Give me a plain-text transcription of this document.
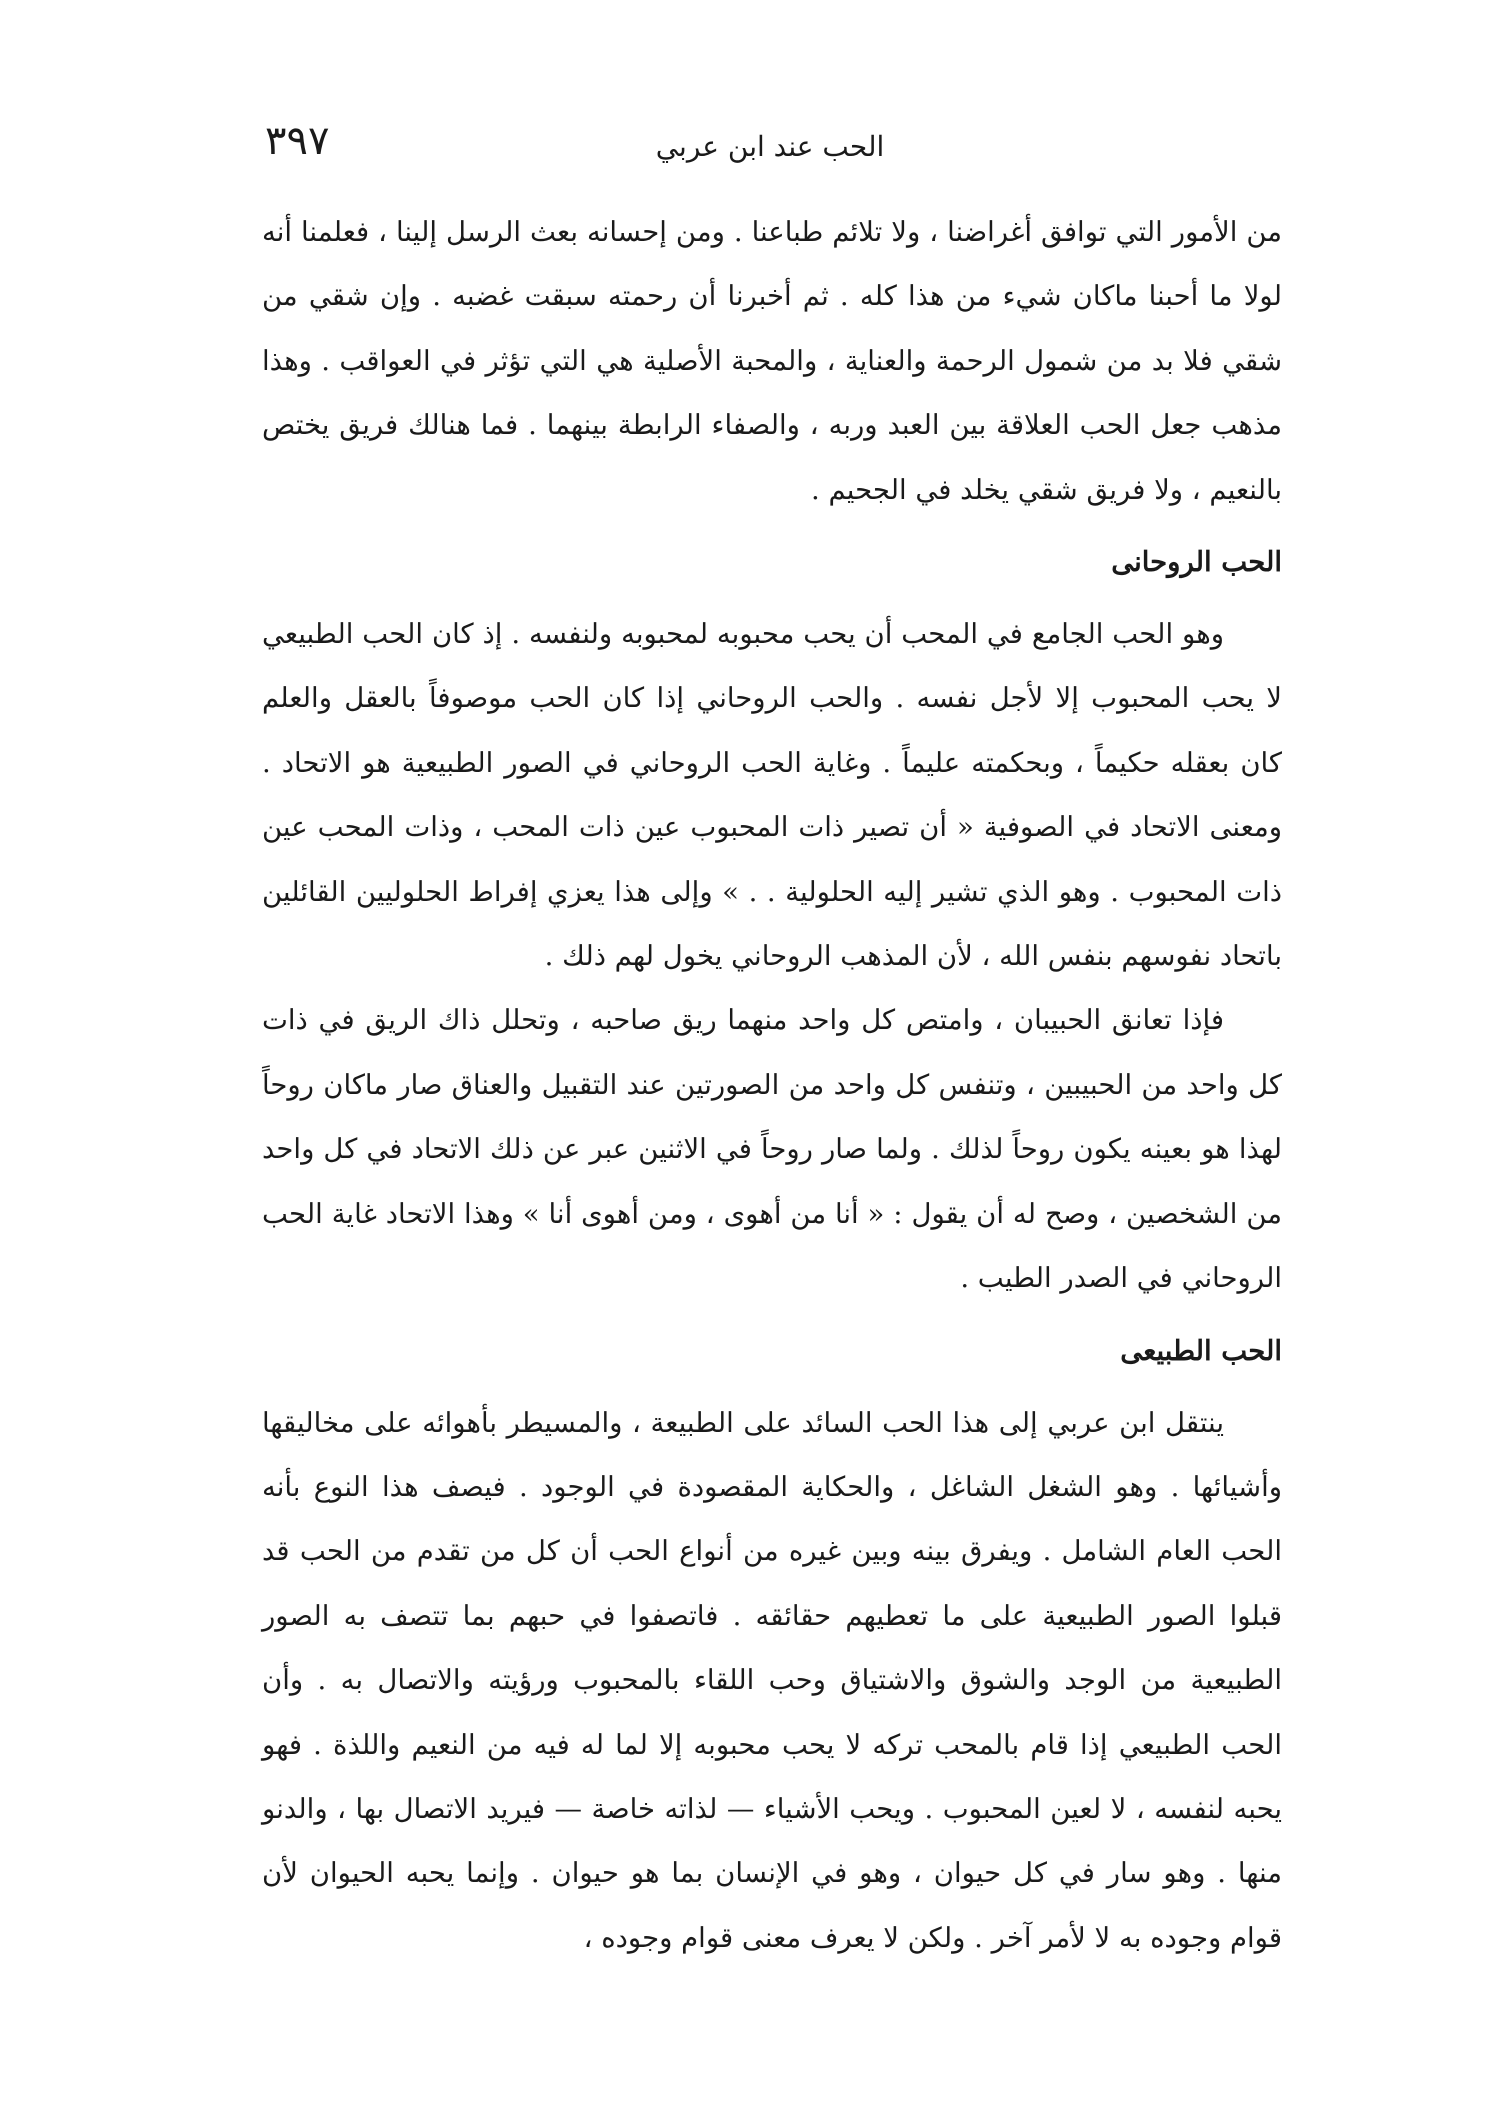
٣٩٧	الحب عند ابن عربي

من الأمور التي توافق أغراضنا ، ولا تلائم طباعنا . ومن إحسانه بعث الرسل إلينا ، فعلمنا أنه لولا ما أحبنا ماكان شيء من هذا كله . ثم أخبرنا أن رحمته سبقت غضبه . وإن شقي من شقي فلا بد من شمول الرحمة والعناية ، والمحبة الأصلية هي التي تؤثر في العواقب . وهذا مذهب جعل الحب العلاقة بين العبد وربه ، والصفاء الرابطة بينهما . فما هنالك فريق يختص بالنعيم ، ولا فريق شقي يخلد في الجحيم .

الحب الروحانى

وهو الحب الجامع في المحب أن يحب محبوبه لمحبوبه ولنفسه . إذ كان الحب الطبيعي لا يحب المحبوب إلا لأجل نفسه . والحب الروحاني إذا كان الحب موصوفاً بالعقل والعلم كان بعقله حكيماً ، وبحكمته عليماً . وغاية الحب الروحاني في الصور الطبيعية هو الاتحاد . ومعنى الاتحاد في الصوفية « أن تصير ذات المحبوب عين ذات المحب ، وذات المحب عين ذات المحبوب . وهو الذي تشير إليه الحلولية . . » وإلى هذا يعزي إفراط الحلوليين القائلين باتحاد نفوسهم بنفس الله ، لأن المذهب الروحاني يخول لهم ذلك .

فإذا تعانق الحبيبان ، وامتص كل واحد منهما ريق صاحبه ، وتحلل ذاك الريق في ذات كل واحد من الحبيبين ، وتنفس كل واحد من الصورتين عند التقبيل والعناق صار ماكان روحاً لهذا هو بعينه يكون روحاً لذلك . ولما صار روحاً في الاثنين عبر عن ذلك الاتحاد في كل واحد من الشخصين ، وصح له أن يقول : « أنا من أهوى ، ومن أهوى أنا » وهذا الاتحاد غاية الحب الروحاني في الصدر الطيب .

الحب الطبيعى

ينتقل ابن عربي إلى هذا الحب السائد على الطبيعة ، والمسيطر بأهوائه على مخاليقها وأشيائها . وهو الشغل الشاغل ، والحكاية المقصودة في الوجود . فيصف هذا النوع بأنه الحب العام الشامل . ويفرق بينه وبين غيره من أنواع الحب أن كل من تقدم من الحب قد قبلوا الصور الطبيعية على ما تعطيهم حقائقه . فاتصفوا في حبهم بما تتصف به الصور الطبيعية من الوجد والشوق والاشتياق وحب اللقاء بالمحبوب ورؤيته والاتصال به . وأن الحب الطبيعي إذا قام بالمحب تركه لا يحب محبوبه إلا لما له فيه من النعيم واللذة . فهو يحبه لنفسه ، لا لعين المحبوب . ويحب الأشياء — لذاته خاصة — فيريد الاتصال بها ، والدنو منها . وهو سار في كل حيوان ، وهو في الإنسان بما هو حيوان . وإنما يحبه الحيوان لأن قوام وجوده به لا لأمر آخر . ولكن لا يعرف معنى قوام وجوده ،
